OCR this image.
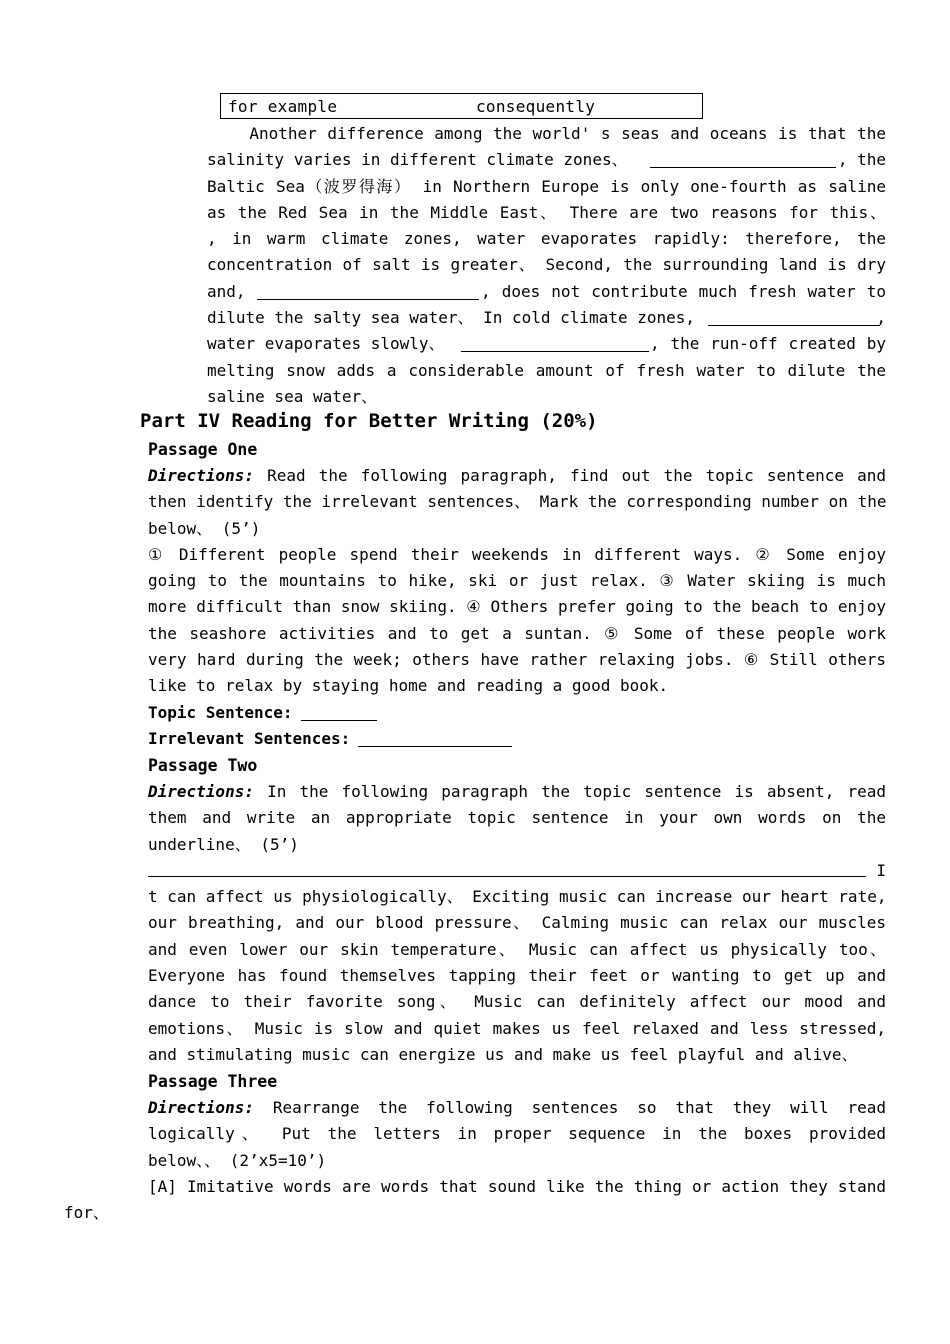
for example	consequently
Another difference among the world' s seas and oceans is that the
salinity varies in different climate zones、	, the
Baltic Sea（波罗得海） in Northern Europe is only one-fourth as saline
as the Red Sea in the Middle East、 There are two reasons for this、
, in warm climate zones, water evaporates rapidly: therefore, the
concentration of salt is greater、 Second, the surrounding land is dry
and,	, does not contribute much fresh water to
dilute the salty sea water、 In cold climate zones,	,
water evaporates slowly、	, the run-off created by
melting snow adds a considerable amount of fresh water to dilute the
saline sea water、
Part IV Reading for Better Writing (20%)
Passage One
Directions: Read the following paragraph, find out the topic sentence and
then identify the irrelevant sentences、 Mark the corresponding number on the
below、 (5’)
① Different people spend their weekends in different ways. ② Some enjoy
going to the mountains to hike, ski or just relax. ③ Water skiing is much
more difficult than snow skiing. ④ Others prefer going to the beach to enjoy
the seashore activities and to get a suntan. ⑤ Some of these people work
very hard during the week; others have rather relaxing jobs. ⑥ Still others
like to relax by staying home and reading a good book.
Topic Sentence:
Irrelevant Sentences:
Passage Two
Directions: In the following paragraph the topic sentence is absent, read
them and write an appropriate topic sentence in your own words on the
underline、 (5’)
I
t can affect us physiologically、 Exciting music can increase our heart rate,
our breathing, and our blood pressure、 Calming music can relax our muscles
and even lower our skin temperature、 Music can affect us physically too、
Everyone has found themselves tapping their feet or wanting to get up and
dance to their favorite song、 Music can definitely affect our mood and
emotions、 Music is slow and quiet makes us feel relaxed and less stressed,
and stimulating music can energize us and make us feel playful and alive、
Passage Three
Directions: Rearrange the following sentences so that they will read
logically、 Put the letters in proper sequence in the boxes provided
below、、 (2’x5=10’)
[A] Imitative words are words that sound like the thing or action they stand
for、
